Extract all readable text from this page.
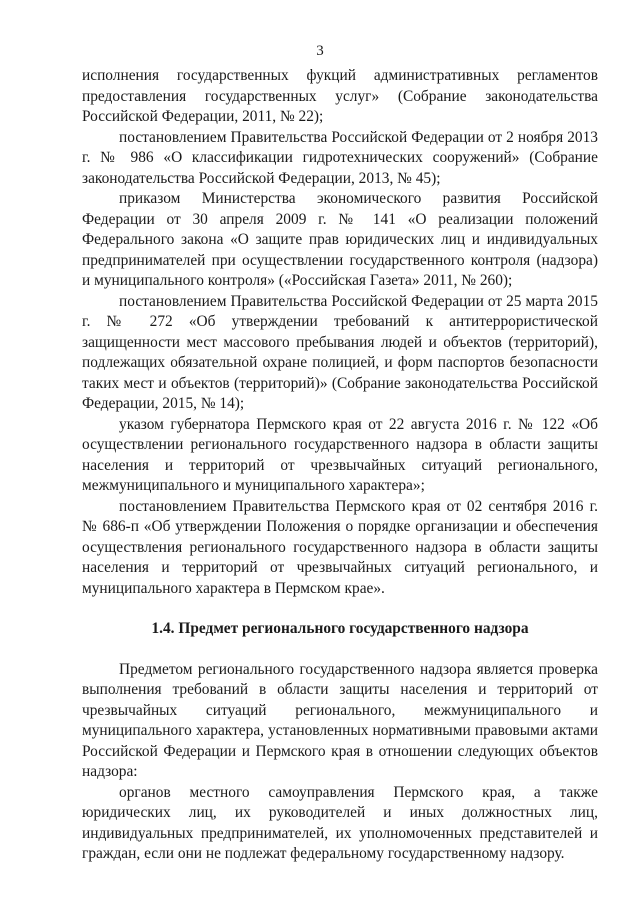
3

исполнения государственных фукций административных регламентов предоставления государственных услуг» (Собрание законодательства Российской Федерации, 2011, № 22);

постановлением Правительства Российской Федерации от 2 ноября 2013 г. № 986 «О классификации гидротехнических сооружений» (Собрание законодательства Российской Федерации, 2013, № 45);

приказом Министерства экономического развития Российской Федерации от 30 апреля 2009 г. № 141 «О реализации положений Федерального закона «О защите прав юридических лиц и индивидуальных предпринимателей при осуществлении государственного контроля (надзора) и муниципального контроля» («Российская Газета» 2011, № 260);

постановлением Правительства Российской Федерации от 25 марта 2015 г. № 272 «Об утверждении требований к антитеррористической защищенности мест массового пребывания людей и объектов (территорий), подлежащих обязательной охране полицией, и форм паспортов безопасности таких мест и объектов (территорий)» (Собрание законодательства Российской Федерации, 2015, № 14);

указом губернатора Пермского края от 22 августа 2016 г. № 122 «Об осуществлении регионального государственного надзора в области защиты населения и территорий от чрезвычайных ситуаций регионального, межмуниципального и муниципального характера»;

постановлением Правительства Пермского края от 02 сентября 2016 г. № 686-п «Об утверждении Положения о порядке организации и обеспечения осуществления регионального государственного надзора в области защиты населения и территорий от чрезвычайных ситуаций регионального, и муниципального характера в Пермском крае».

1.4. Предмет регионального государственного надзора

Предметом регионального государственного надзора является проверка выполнения требований в области защиты населения и территорий от чрезвычайных ситуаций регионального, межмуниципального и муниципального характера, установленных нормативными правовыми актами Российской Федерации и Пермского края в отношении следующих объектов надзора:

органов местного самоуправления Пермского края, а также юридических лиц, их руководителей и иных должностных лиц, индивидуальных предпринимателей, их уполномоченных представителей и граждан, если они не подлежат федеральному государственному надзору.
